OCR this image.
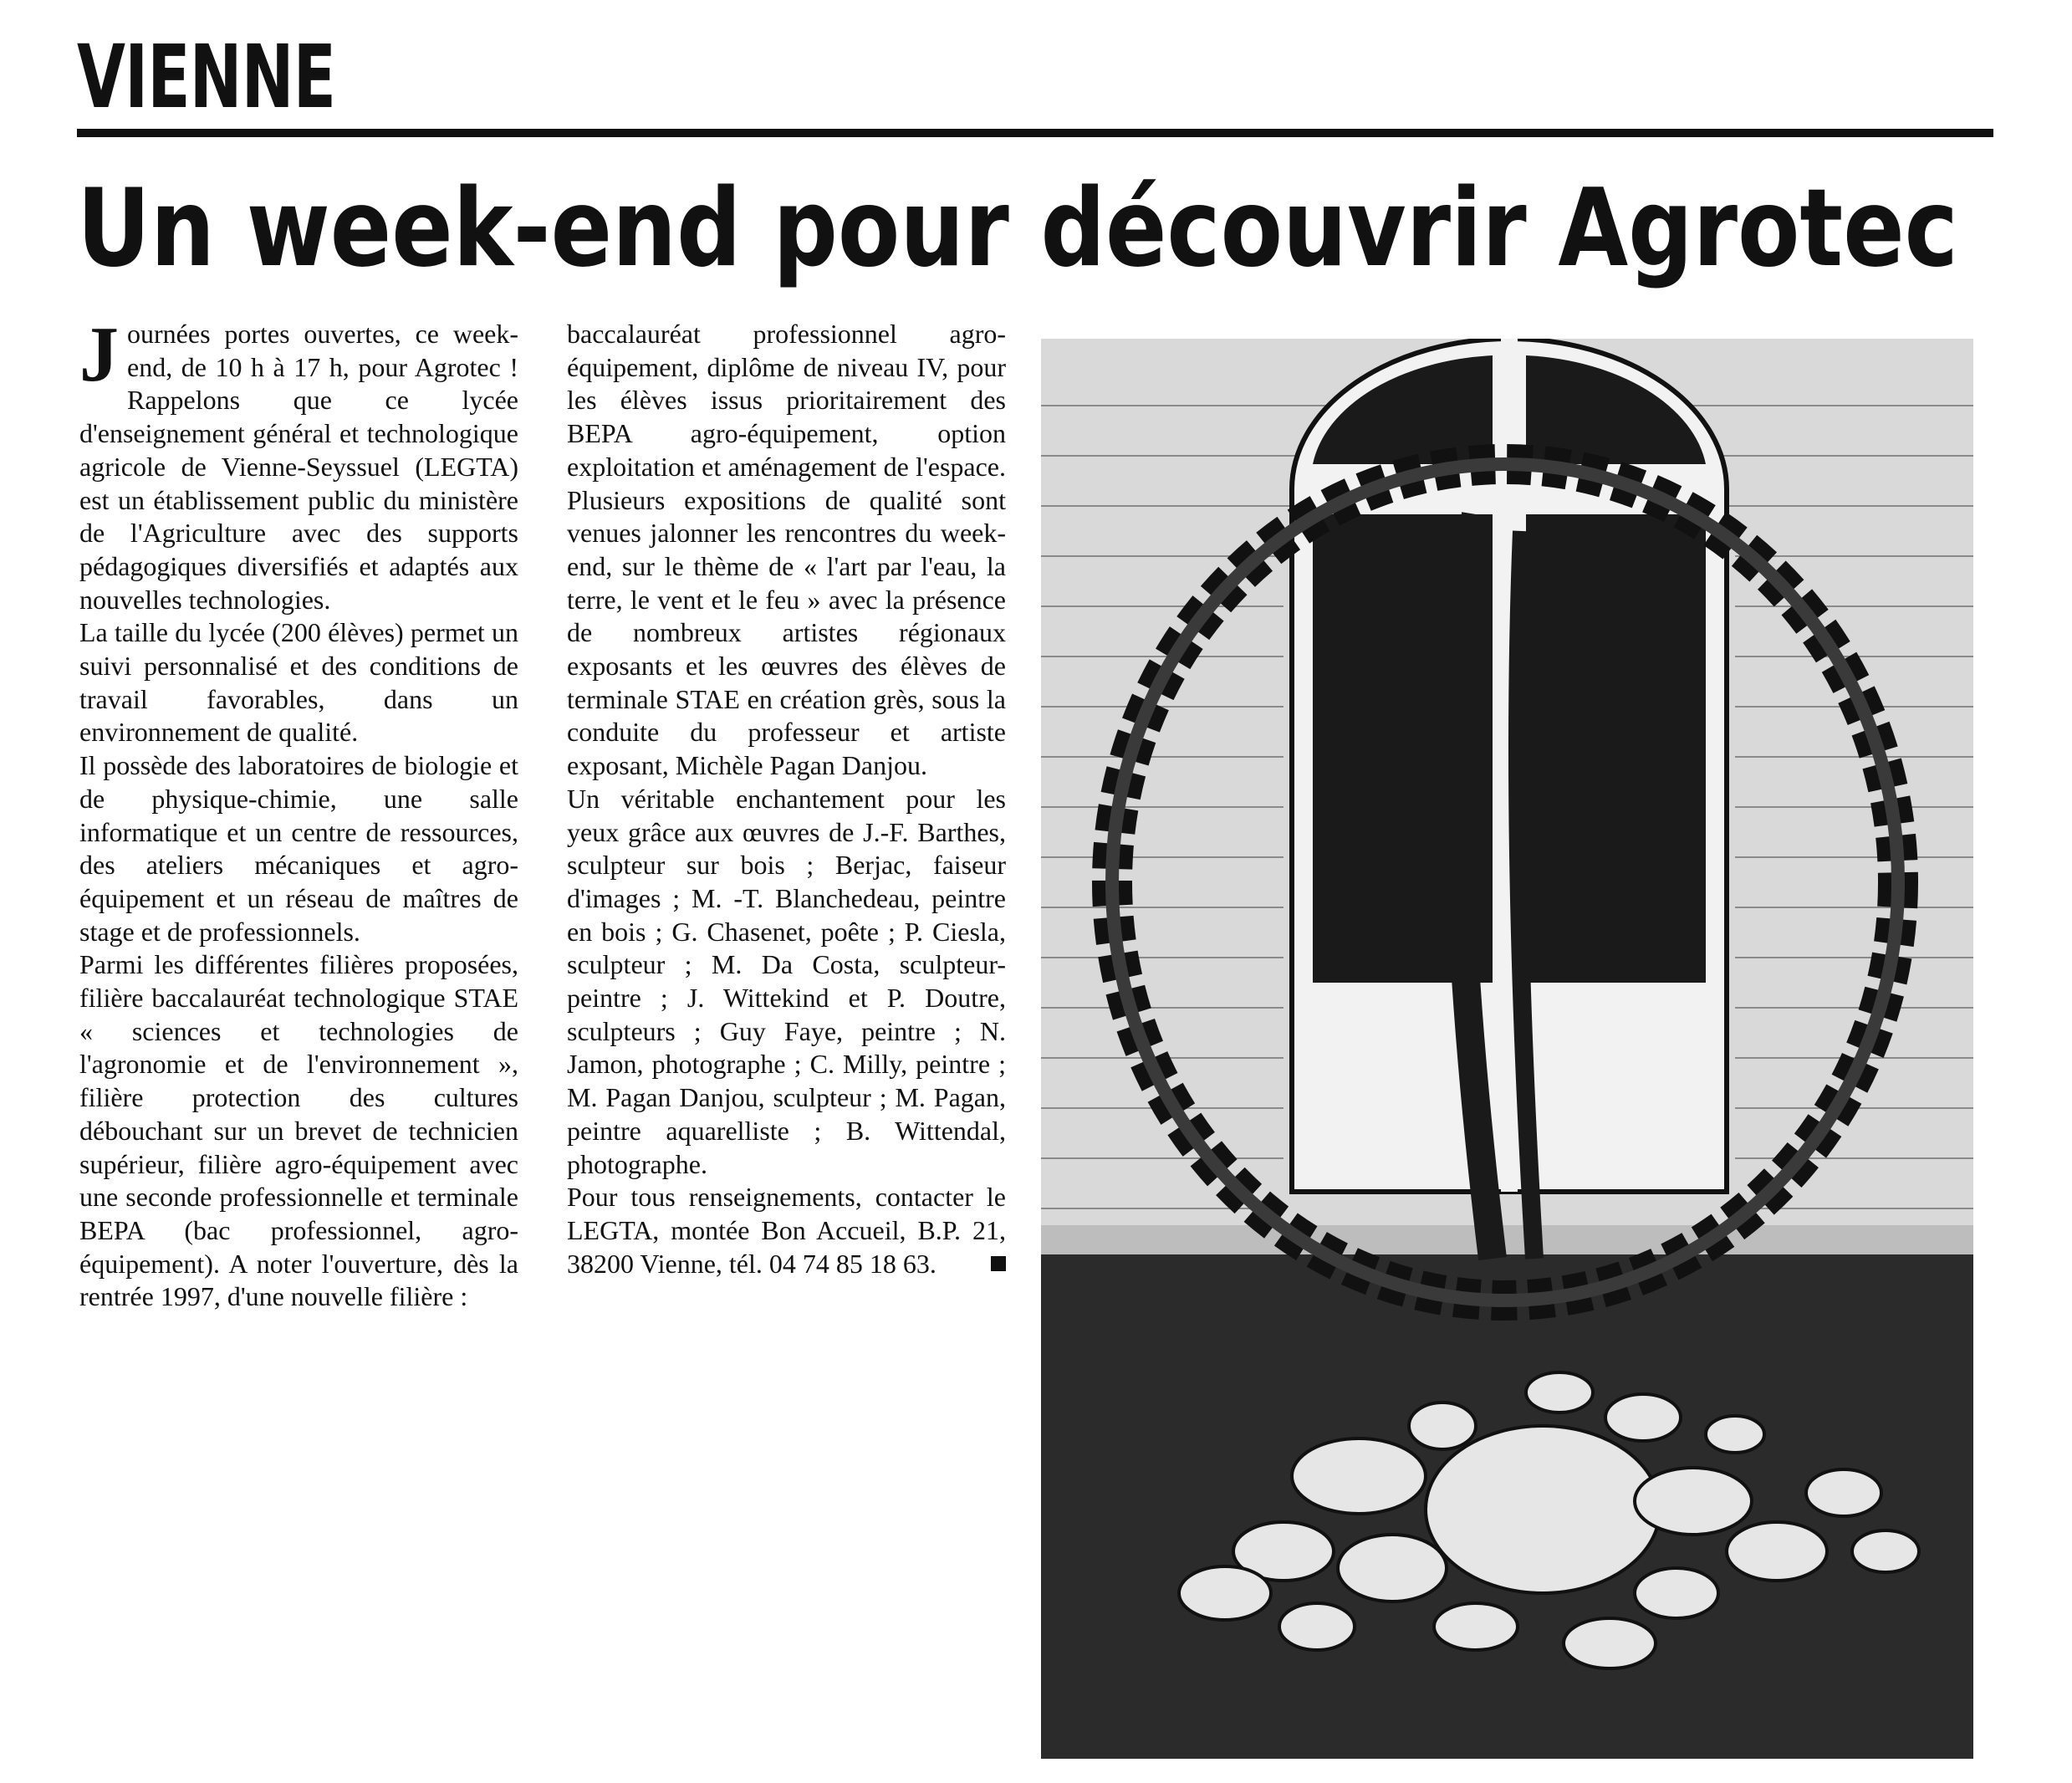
VIENNE
Un week-end pour découvrir Agrotec

Journées portes ouvertes, ce week-end, de 10 h à 17 h, pour Agrotec ! Rappelons que ce lycée d'enseignement général et technologique agricole de Vienne-Seyssuel (LEGTA) est un établissement public du ministère de l'Agriculture avec des supports pédagogiques diversifiés et adaptés aux nouvelles technologies.

La taille du lycée (200 élèves) permet un suivi personnalisé et des conditions de travail favorables, dans un environnement de qualité.

Il possède des laboratoires de biologie et de physique-chimie, une salle informatique et un centre de ressources, des ateliers mécaniques et agro-équipement et un réseau de maîtres de stage et de professionnels.

Parmi les différentes filières proposées, filière baccalauréat technologique STAE « sciences et technologies de l'agronomie et de l'environnement », filière protection des cultures débouchant sur un brevet de technicien supérieur, filière agro-équipement avec une seconde professionnelle et terminale BEPA (bac professionnel, agro-équipement). A noter l'ouverture, dès la rentrée 1997, d'une nouvelle filière :

baccalauréat professionnel agro-équipement, diplôme de niveau IV, pour les élèves issus prioritairement des BEPA agro-équipement, option exploitation et aménagement de l'espace. Plusieurs expositions de qualité sont venues jalonner les rencontres du week-end, sur le thème de « l'art par l'eau, la terre, le vent et le feu » avec la présence de nombreux artistes régionaux exposants et les œuvres des élèves de terminale STAE en création grès, sous la conduite du professeur et artiste exposant, Michèle Pagan Danjou.

Un véritable enchantement pour les yeux grâce aux œuvres de J.-F. Barthes, sculpteur sur bois ; Berjac, faiseur d'images ; M. -T. Blanchedeau, peintre en bois ; G. Chasenet, poête ; P. Ciesla, sculpteur ; M. Da Costa, sculpteur-peintre ; J. Wittekind et P. Doutre, sculpteurs ; Guy Faye, peintre ; N. Jamon, photographe ; C. Milly, peintre ; M. Pagan Danjou, sculpteur ; M. Pagan, peintre aquarelliste ; B. Wittendal, photographe.

Pour tous renseignements, contacter le LEGTA, montée Bon Accueil, B.P. 21, 38200 Vienne, tél. 04 74 85 18 63.
